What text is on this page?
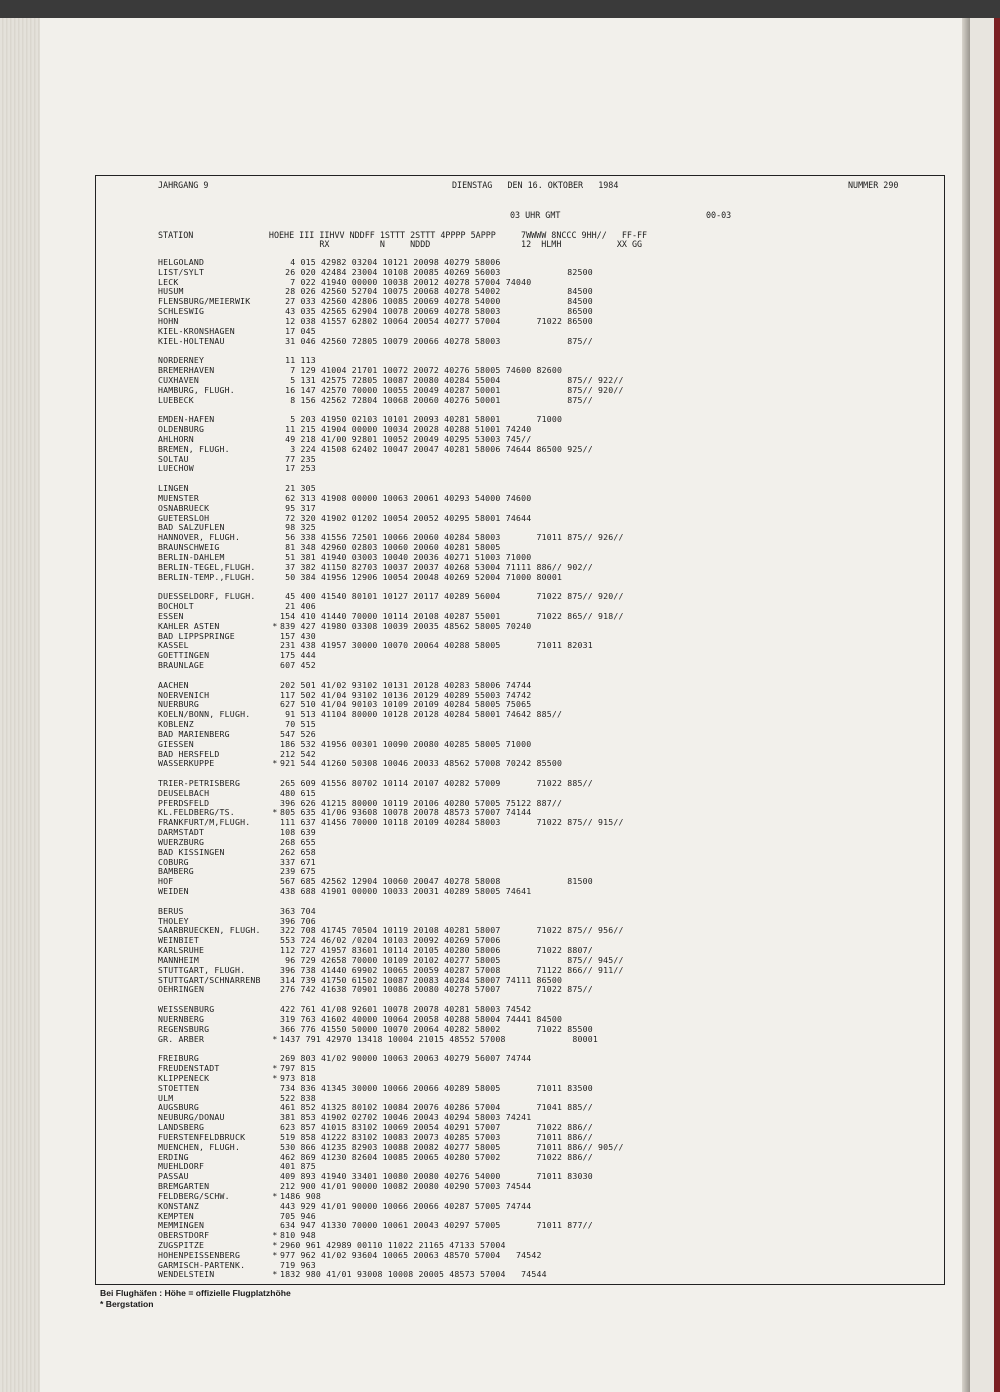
JAHRGANG 9	DIENSTAG   DEN 16. OKTOBER   1984	NUMMER 290
03 UHR GMT	00-03
STATION               HOEHE III IIHVV NDDFF 1STTT 2STTT 4PPPP 5APPP     7WWWW 8NCCC 9HH//   FF-FF
RX          N     NDDD                  12  HLMH           XX GG
HELGOLAND	4 015 42982 03204 10121 20098 40279 58006
LIST/SYLT	26 020 42484 23004 10108 20085 40269 56003             82500
LECK	7 022 41940 00000 10038 20012 40278 57004 74040
HUSUM	28 026 42560 52704 10075 20068 40278 54002             84500
FLENSBURG/MEIERWIK	27 033 42560 42806 10085 20069 40278 54000             84500
SCHLESWIG	43 035 42565 62904 10078 20069 40278 58003             86500
HOHN	12 038 41557 62802 10064 20054 40277 57004       71022 86500
KIEL-KRONSHAGEN	17 045
KIEL-HOLTENAU	31 046 42560 72805 10079 20066 40278 58003             875//
NORDERNEY	11 113
BREMERHAVEN	7 129 41004 21701 10072 20072 40276 58005 74600 82600
CUXHAVEN	5 131 42575 72805 10087 20080 40284 55004             875// 922//
HAMBURG, FLUGH.	16 147 42570 70000 10055 20049 40287 50001             875// 920//
LUEBECK	8 156 42562 72804 10068 20060 40276 50001             875//
EMDEN-HAFEN	5 203 41950 02103 10101 20093 40281 58001       71000
OLDENBURG	11 215 41904 00000 10034 20028 40288 51001 74240
AHLHORN	49 218 41/00 92801 10052 20049 40295 53003 745//
BREMEN, FLUGH.	3 224 41508 62402 10047 20047 40281 58006 74644 86500 925//
SOLTAU	77 235
LUECHOW	17 253
LINGEN	21 305
MUENSTER	62 313 41908 00000 10063 20061 40293 54000 74600
OSNABRUECK	95 317
GUETERSLOH	72 320 41902 01202 10054 20052 40295 58001 74644
BAD SALZUFLEN	98 325
HANNOVER, FLUGH.	56 338 41556 72501 10066 20060 40284 58003       71011 875// 926//
BRAUNSCHWEIG	81 348 42960 02803 10060 20060 40281 58005
BERLIN-DAHLEM	51 381 41940 03003 10040 20036 40271 51003 71000
BERLIN-TEGEL,FLUGH.	37 382 41150 82703 10037 20037 40268 53004 71111 886// 902//
BERLIN-TEMP.,FLUGH.	50 384 41956 12906 10054 20048 40269 52004 71000 80001
DUESSELDORF, FLUGH.	45 400 41540 80101 10127 20117 40289 56004       71022 875// 920//
BOCHOLT	21 406
ESSEN	154 410 41440 70000 10114 20108 40287 55001       71022 865// 918//
KAHLER ASTEN	* 839 427 41980 03308 10039 20035 48562 58005 70240
BAD LIPPSPRINGE	157 430
KASSEL	231 438 41957 30000 10070 20064 40288 58005       71011 82031
GOETTINGEN	175 444
BRAUNLAGE	607 452
AACHEN	202 501 41/02 93102 10131 20128 40283 58006 74744
NOERVENICH	117 502 41/04 93102 10136 20129 40289 55003 74742
NUERBURG	627 510 41/04 90103 10109 20109 40284 58005 75065
KOELN/BONN, FLUGH.	91 513 41104 80000 10128 20128 40284 58001 74642 885//
KOBLENZ	70 515
BAD MARIENBERG	547 526
GIESSEN	186 532 41956 00301 10090 20080 40285 58005 71000
BAD HERSFELD	212 542
WASSERKUPPE	* 921 544 41260 50308 10046 20033 48562 57008 70242 85500
TRIER-PETRISBERG	265 609 41556 80702 10114 20107 40282 57009       71022 885//
DEUSELBACH	480 615
PFERDSFELD	396 626 41215 80000 10119 20106 40280 57005 75122 887//
KL.FELDBERG/TS.	* 805 635 41/06 93608 10078 20078 48573 57007 74144
FRANKFURT/M,FLUGH.	111 637 41456 70000 10118 20109 40284 58003       71022 875// 915//
DARMSTADT	108 639
WUERZBURG	268 655
BAD KISSINGEN	262 658
COBURG	337 671
BAMBERG	239 675
HOF	567 685 42562 12904 10060 20047 40278 58008             81500
WEIDEN	438 688 41901 00000 10033 20031 40289 58005 74641
BERUS	363 704
THOLEY	396 706
SAARBRUECKEN, FLUGH. 322 708 41745 70504 10119 20108 40281 58007       71022 875// 956//
WEINBIET	553 724 46/02 /0204 10103 20092 40269 57006
KARLSRUHE	112 727 41957 83601 10114 20105 40280 58006       71022 8807/
MANNHEIM	96 729 42658 70000 10109 20102 40277 58005             875// 945//
STUTTGART, FLUGH.	396 738 41440 69902 10065 20059 40287 57008       71122 866// 911//
STUTTGART/SCHNARRENB 314 739 41750 61502 10087 20083 40284 58007 74111 86500
OEHRINGEN	276 742 41638 70901 10086 20080 40278 57007       71022 875//
WEISSENBURG	422 761 41/08 92601 10078 20078 40281 58003 74542
NUERNBERG	319 763 41602 40000 10064 20058 40288 58004 74441 84500
REGENSBURG	366 776 41550 50000 10070 20064 40282 58002       71022 85500
GR. ARBER	* 1437 791 42970 13418 10004 21015 48552 57008             80001
FREIBURG	269 803 41/02 90000 10063 20063 40279 56007 74744
FREUDENSTADT	* 797 815
KLIPPENECK	* 973 818
STOETTEN	734 836 41345 30000 10066 20066 40289 58005       71011 83500
ULM	522 838
AUGSBURG	461 852 41325 80102 10084 20076 40286 57004       71041 885//
NEUBURG/DONAU	381 853 41902 02702 10046 20043 40294 58003 74241
LANDSBERG	623 857 41015 83102 10069 20054 40291 57007       71022 886//
FUERSTENFELDBRUCK	519 858 41222 83102 10083 20073 40285 57003       71011 886//
MUENCHEN, FLUGH.	530 866 41235 82903 10088 20082 40277 58005       71011 886// 905//
ERDING	462 869 41230 82604 10085 20065 40280 57002       71022 886//
MUEHLDORF	401 875
PASSAU	409 893 41940 33401 10080 20080 40276 54000       71011 83030
BREMGARTEN	212 900 41/01 90000 10082 20080 40290 57003 74544
FELDBERG/SCHW.	* 1486 908
KONSTANZ	443 929 41/01 90000 10066 20066 40287 57005 74744
KEMPTEN	705 946
MEMMINGEN	634 947 41330 70000 10061 20043 40297 57005       71011 877//
OBERSTDORF	* 810 948
ZUGSPITZE	* 2960 961 42989 00110 11022 21165 47133 57004
HOHENPEISSENBERG	* 977 962 41/02 93604 10065 20063 48570 57004   74542
GARMISCH-PARTENK.	719 963
WENDELSTEIN	* 1832 980 41/01 93008 10008 20005 48573 57004   74544
Bei Flughäfen : Höhe = offizielle Flugplatzhöhe
* Bergstation
